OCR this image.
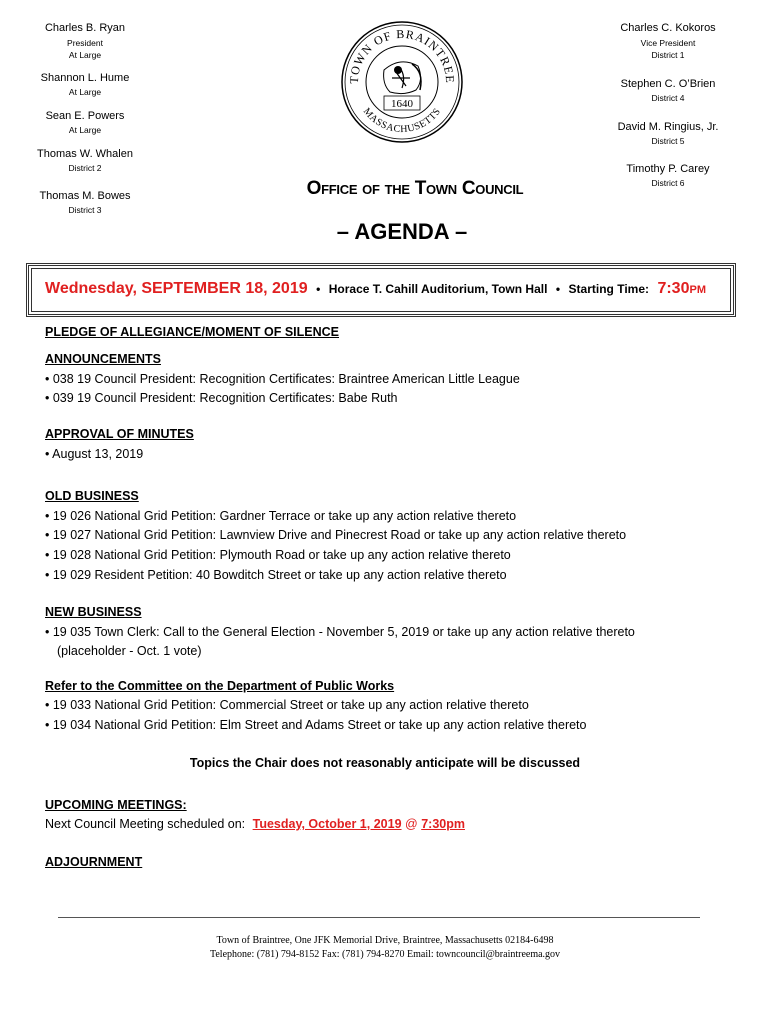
Charles B. Ryan
President
At Large
Shannon L. Hume
At Large
Sean E. Powers
At Large
Thomas W. Whalen
District 2
Thomas M. Bowes
District 3
Charles C. Kokoros
Vice President
District 1
Stephen C. O’Brien
District 4
David M. Ringius, Jr.
District 5
Timothy P. Carey
District 6
TOWN OF BRAINTREE
MASSACHUSETTS
1640
Office of the Town Council
– AGENDA –
Wednesday, SEPTEMBER 18, 2019 • Horace T. Cahill Auditorium, Town Hall • Starting Time: 7:30PM
PLEDGE OF ALLEGIANCE/MOMENT OF SILENCE
ANNOUNCEMENTS
• 038 19 Council President: Recognition Certificates: Braintree American Little League
• 039 19 Council President: Recognition Certificates: Babe Ruth
APPROVAL OF MINUTES
• August 13, 2019
OLD BUSINESS
• 19 026 National Grid Petition: Gardner Terrace or take up any action relative thereto
• 19 027 National Grid Petition: Lawnview Drive and Pinecrest Road or take up any action relative thereto
• 19 028 National Grid Petition: Plymouth Road or take up any action relative thereto
• 19 029 Resident Petition: 40 Bowditch Street or take up any action relative thereto
NEW BUSINESS
• 19 035 Town Clerk: Call to the General Election - November 5, 2019 or take up any action relative thereto
(placeholder - Oct. 1 vote)
Refer to the Committee on the Department of Public Works
• 19 033 National Grid Petition: Commercial Street or take up any action relative thereto
• 19 034 National Grid Petition: Elm Street and Adams Street or take up any action relative thereto
Topics the Chair does not reasonably anticipate will be discussed
UPCOMING MEETINGS:
Next Council Meeting scheduled on: Tuesday, October 1, 2019 @ 7:30pm
ADJOURNMENT
Town of Braintree, One JFK Memorial Drive, Braintree, Massachusetts 02184-6498
Telephone: (781) 794-8152 Fax: (781) 794-8270 Email: towncouncil@braintreema.gov
